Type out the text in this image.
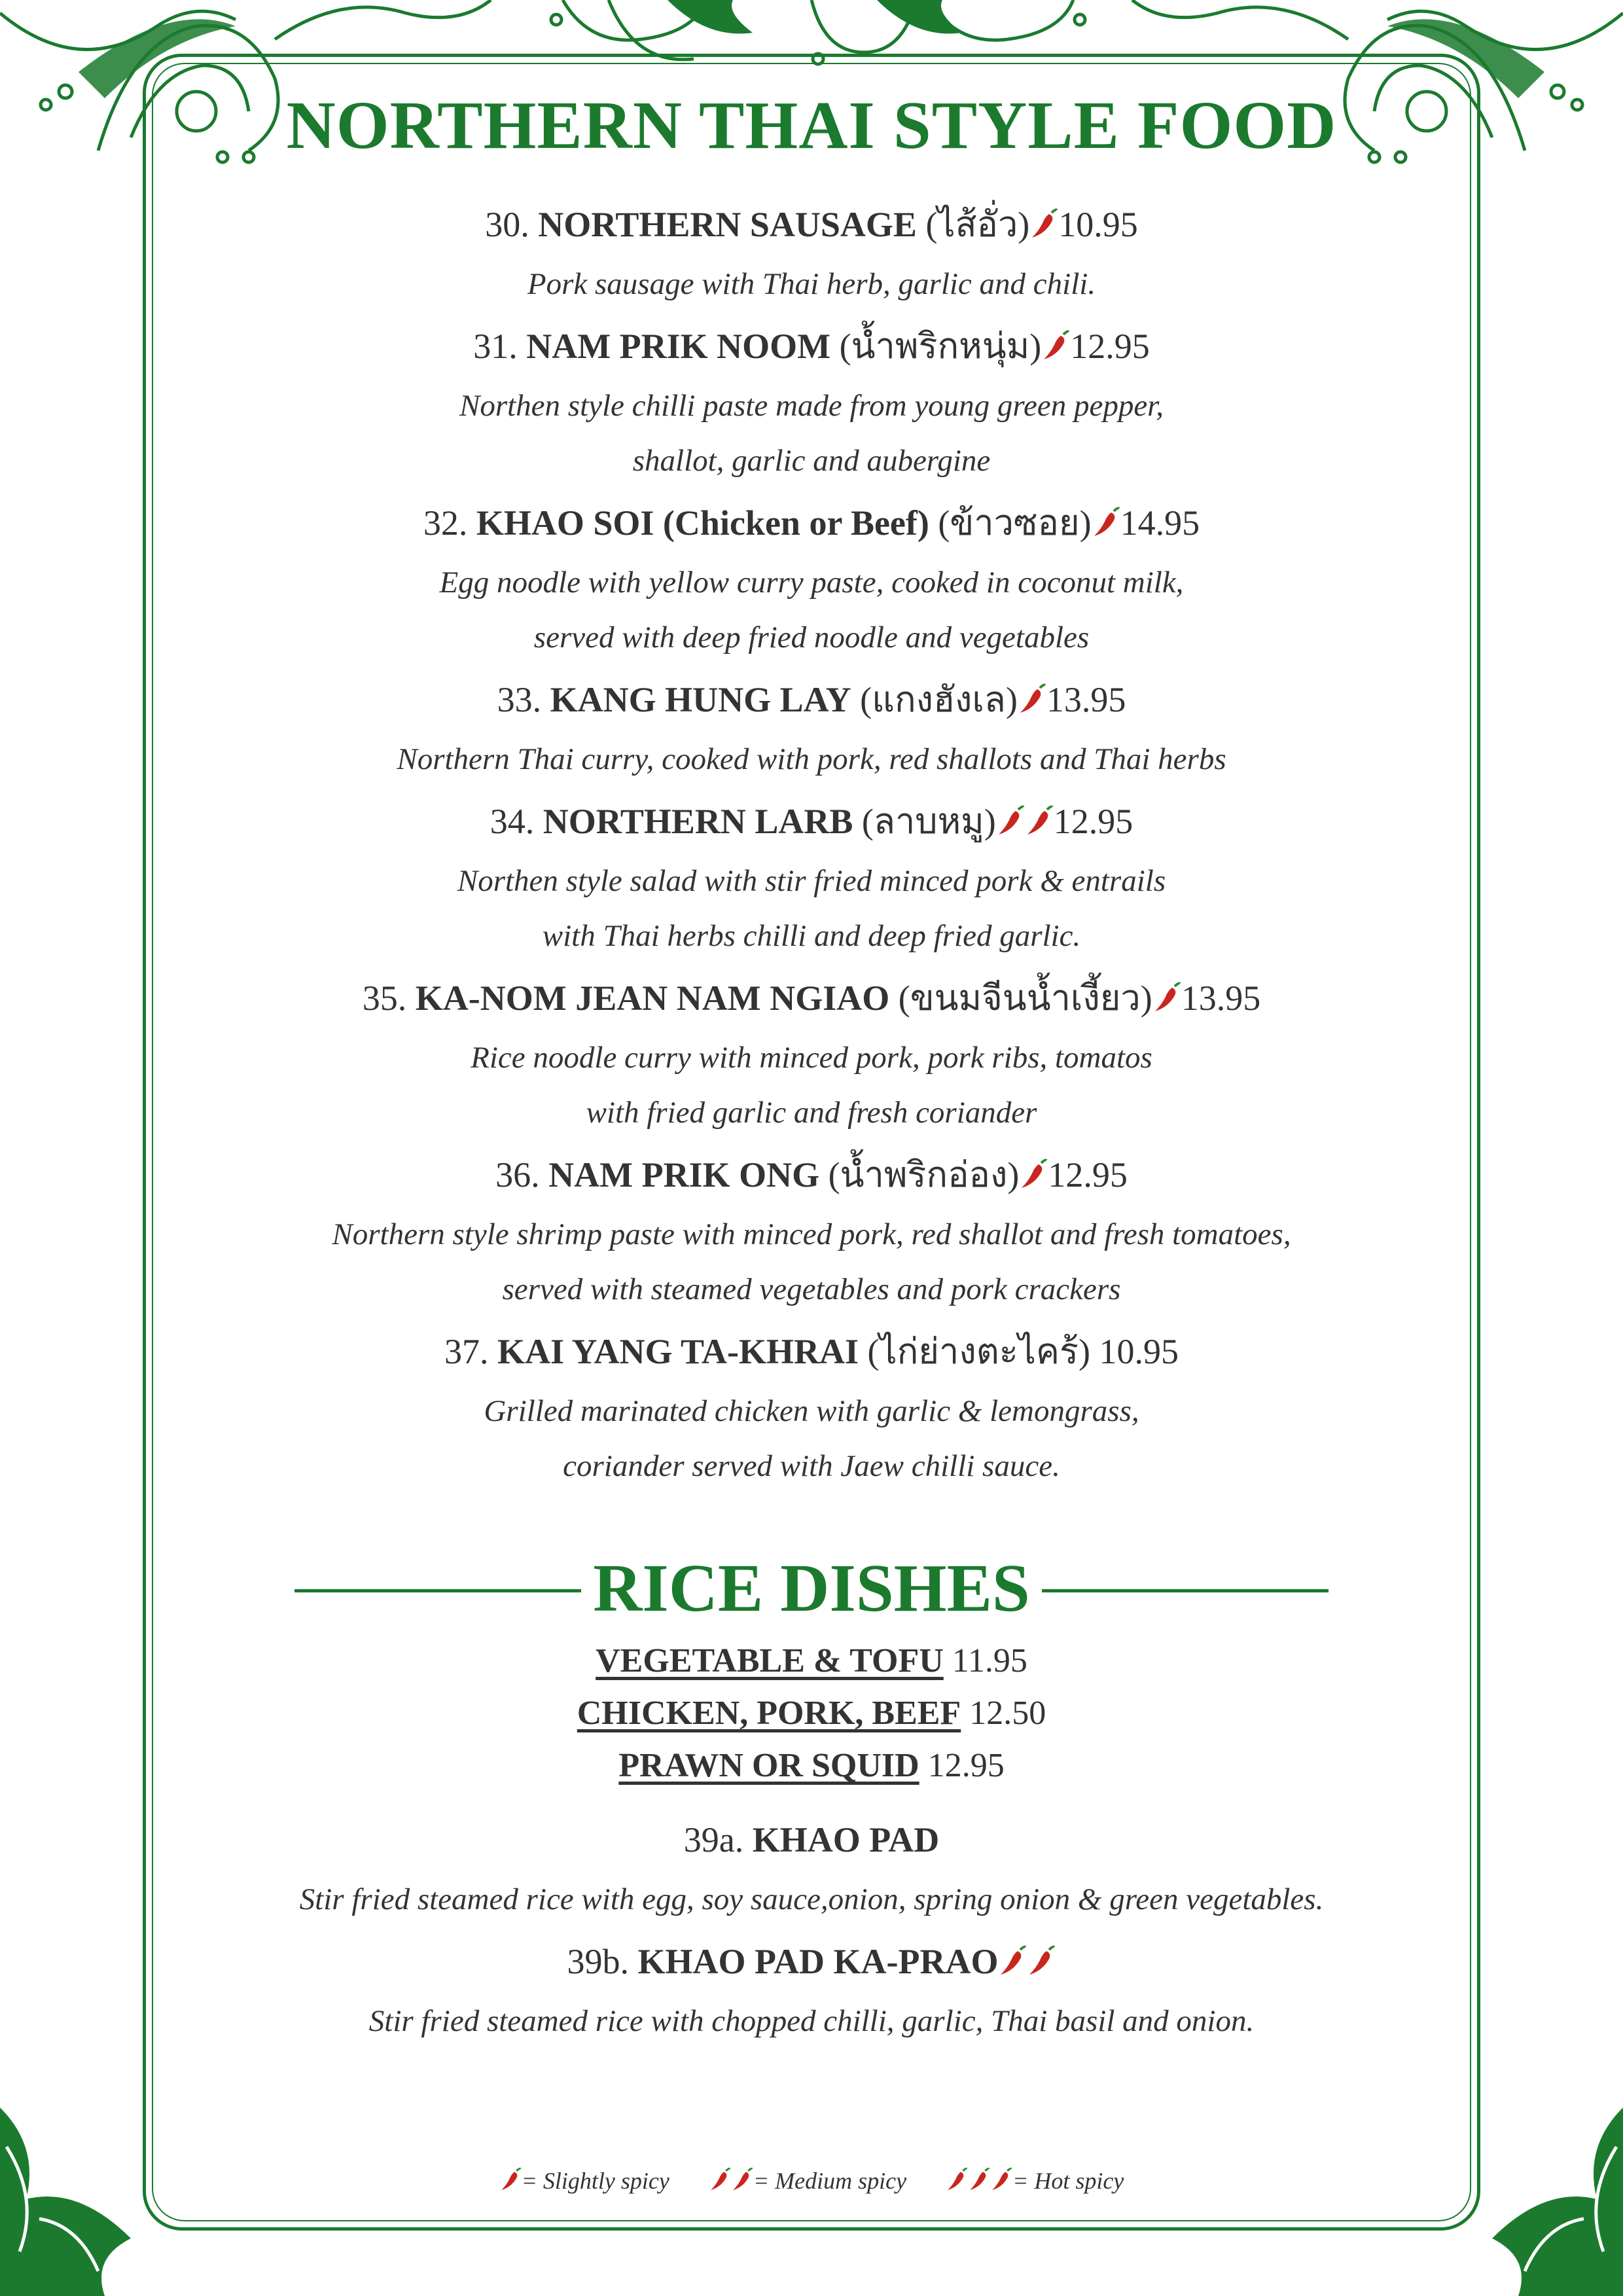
NORTHERN THAI STYLE FOOD

30. NORTHERN SAUSAGE (ไส้อั่ว) 10.95

Pork sausage with Thai herb, garlic and chili.

31. NAM PRIK NOOM (น้ำพริกหนุ่ม) 12.95

Northen style chilli paste made from young green pepper,
shallot, garlic and aubergine

32. KHAO SOI (Chicken or Beef) (ข้าวซอย) 14.95

Egg noodle with yellow curry paste, cooked in coconut milk,
served with deep fried noodle and vegetables

33. KANG HUNG LAY (แกงฮังเล) 13.95

Northern Thai curry, cooked with pork, red shallots and Thai herbs

34. NORTHERN LARB (ลาบหมู) 12.95

Northen style salad with stir fried minced pork & entrails
with Thai herbs chilli and deep fried garlic.

35. KA-NOM JEAN NAM NGIAO (ขนมจีนน้ำเงี้ยว) 13.95

Rice noodle curry with minced pork, pork ribs, tomatos
with fried garlic and fresh coriander

36. NAM PRIK ONG (น้ำพริกอ่อง) 12.95

Northern style shrimp paste with minced pork, red shallot and fresh tomatoes,
served with steamed vegetables and pork crackers

37. KAI YANG TA-KHRAI (ไก่ย่างตะไคร้) 10.95

Grilled marinated chicken with garlic & lemongrass,
coriander served with Jaew chilli sauce.
RICE DISHES
VEGETABLE & TOFU 11.95
CHICKEN, PORK, BEEF 12.50
PRAWN OR SQUID 12.95

39a. KHAO PAD

Stir fried steamed rice with egg, soy sauce,onion, spring onion & green vegetables.

39b. KHAO PAD KA-PRAO

Stir fried steamed rice with chopped chilli, garlic, Thai basil and onion.
= Slightly spicy	= Medium spicy	= Hot spicy
